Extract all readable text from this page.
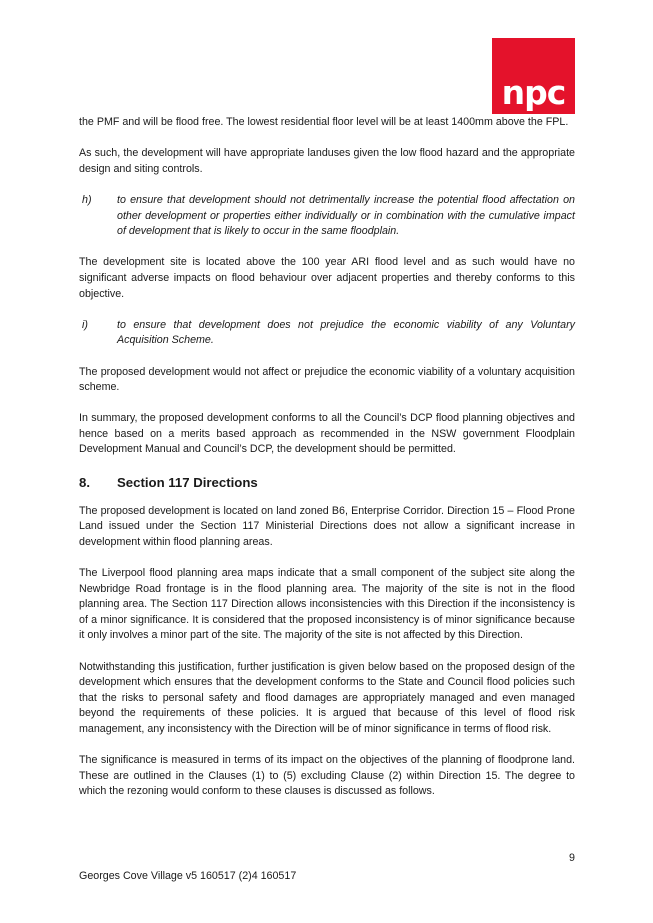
npc

the PMF and will be flood free. The lowest residential floor level will be at least 1400mm above the FPL.

As such, the development will have appropriate landuses given the low flood hazard and the appropriate design and siting controls.

h)	to ensure that development should not detrimentally increase the potential flood affectation on other development or properties either individually or in combination with the cumulative impact of development that is likely to occur in the same floodplain.

The development site is located above the 100 year ARI flood level and as such would have no significant adverse impacts on flood behaviour over adjacent properties and thereby conforms to this objective.

i)	to ensure that development does not prejudice the economic viability of any Voluntary Acquisition Scheme.

The proposed development would not affect or prejudice the economic viability of a voluntary acquisition scheme.

In summary, the proposed development conforms to all the Council’s DCP flood planning objectives and hence based on a merits based approach as recommended in the NSW government Floodplain Development Manual and Council’s DCP, the development should be permitted.

8.	Section 117 Directions

The proposed development is located on land zoned B6, Enterprise Corridor. Direction 15 – Flood Prone Land issued under the Section 117 Ministerial Directions does not allow a significant increase in development within flood planning areas.

The Liverpool flood planning area maps indicate that a small component of the subject site along the Newbridge Road frontage is in the flood planning area. The majority of the site is not in the flood planning area. The Section 117 Direction allows inconsistencies with this Direction if the inconsistency is of a minor significance. It is considered that the proposed inconsistency is of minor significance because it only involves a minor part of the site. The majority of the site is not affected by this Direction.

Notwithstanding this justification, further justification is given below based on the proposed design of the development which ensures that the development conforms to the State and Council flood policies such that the risks to personal safety and flood damages are appropriately managed and even managed beyond the requirements of these policies. It is argued that because of this level of flood risk management, any inconsistency with the Direction will be of minor significance in terms of flood risk.

The significance is measured in terms of its impact on the objectives of the planning of floodprone land. These are outlined in the Clauses (1) to (5) excluding Clause (2) within Direction 15. The degree to which the rezoning would conform to these clauses is discussed as follows.

9
Georges Cove Village v5 160517 (2)4 160517
